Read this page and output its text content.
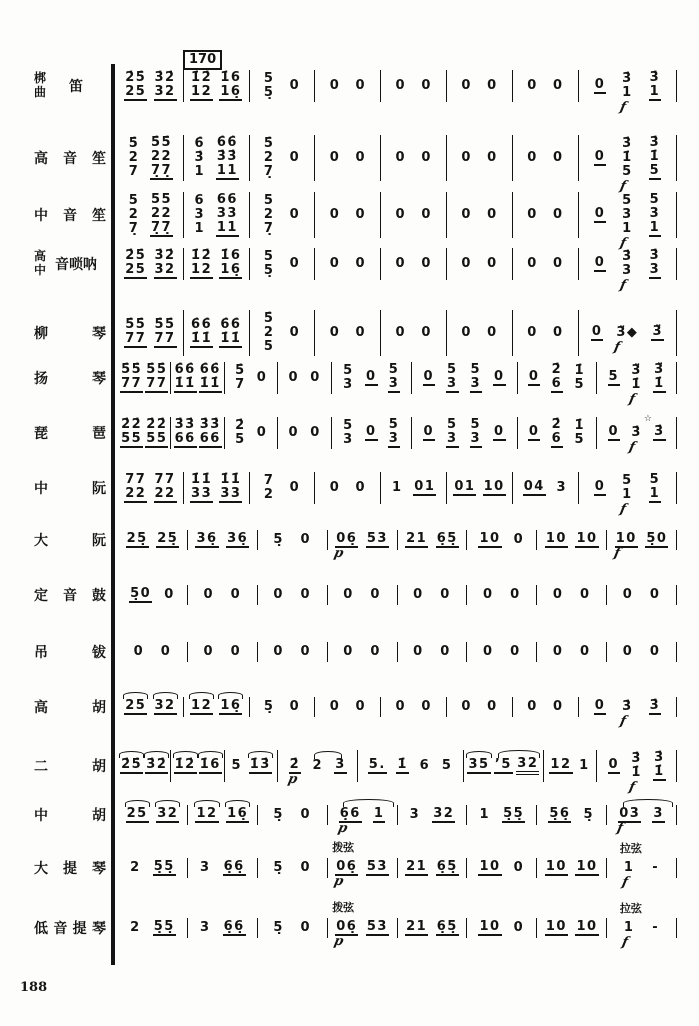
170
梆
曲	笛
2̇5̇
25
3̇2̇
32
1̇2̇
12
1̇6
16̣
5
5̣ 0 0 0 0 0 0 0 0 0 0 3̇
1
f
3̇
1
高音笙
5̇
2
7
5̇5̇
22
7̣7̣
6̇
3̇
1
6̇6̇
3̇3̇
11
5̇
2
7̣
0 0 0 0 0 0 0 0 0 0
3̇
1̇
5
f
3̇
1̇
5
中音笙
5
2
7̣
55
22
7̣7̣
6
3
1
66
33
11
5
2
7̣
0 0 0 0 0 0 0 0 0 0
5
3
1
f
5
3
1
高
中 音唢呐
2̇5̇
25
3̇2̇
32
1̇2̇
12
1̇6
16̣
5
5̣ 0 0 0 0 0 0 0 0 0 0 3̇
3
f
3̇
3
柳琴
5̇5̇
77
5̇5̇
77
6̇6̇
1̇1̇
6̇6̇
1̇1̇
5̇
2
5
0 0 0 0 0 0 0 0 0 0 3̈◆
f
3̈
扬琴
5̇5̇
77
5̇5̇
77
6̇6̇
1̇1̇
6̇6̇
1̇1̇
5̇
7 0 0 0 5
3
0 5
3 0 5
3
5
3 0 0 2̇
6
1̇
5
5 3̈
1̇
f
3̈
1̇
琵琶
2̇2̇
55
2̇2̇
55
3̇3̇
66
3̇3̇
66
2̇
5 0 0 0 5
3
0 5
3 0 5
3
5
3 0 0 2̇
6
1̇
5
0 3̇
f
☆
3̇
中阮
77
22
77
22
1̇1̇
33
1̇1̇
33
7
2 0 0 0 1 01 01 10 04 3 0 5
1
f
5
1
大阮 25̣ 25̣ 36̣ 36̣ 5̣ 0 06̣
p
53 21 6̣5̣ 10 0 10 10 10
f
5̣0
定音鼓 5̣0 0 0 0 0 0 0 0 0 0 0 0 0 0 0 0
吊钹 0 0 0 0 0 0 0 0 0 0 0 0 0 0 0 0
高胡 25 32 12 16̣ 5̣ 0 0 0 0 0 0 0 0 0 0 3̇
f
3̇
二胡 2̇5̇ 3̇2̇ 1̇2̇ 1̇6 5 1̇3̇ 2̇
p
2 3 5. 1̇ 6 5 35 ’5 32 12 1 0 3̇
1̇
f
3̇
1̇
中胡 25 32 12 16̣ 5̣ 0 6̣6
p
1 3 32 1 5̣5̣ 5̣6̣ 5̣ 03
f
3
大提琴 2 5̣5̣ 3 6̣6̣ 5̣ 0 06̣
p
拨弦
53 21 6̣5̣ 10 0 10 10 1
f
拉弦
-
低音提琴 2 5̣5̣ 3 6̣6̣ 5̣ 0 06̣
p
拨弦
53 21 6̣5̣ 10 0 10 10 1
f
拉弦
-
188
